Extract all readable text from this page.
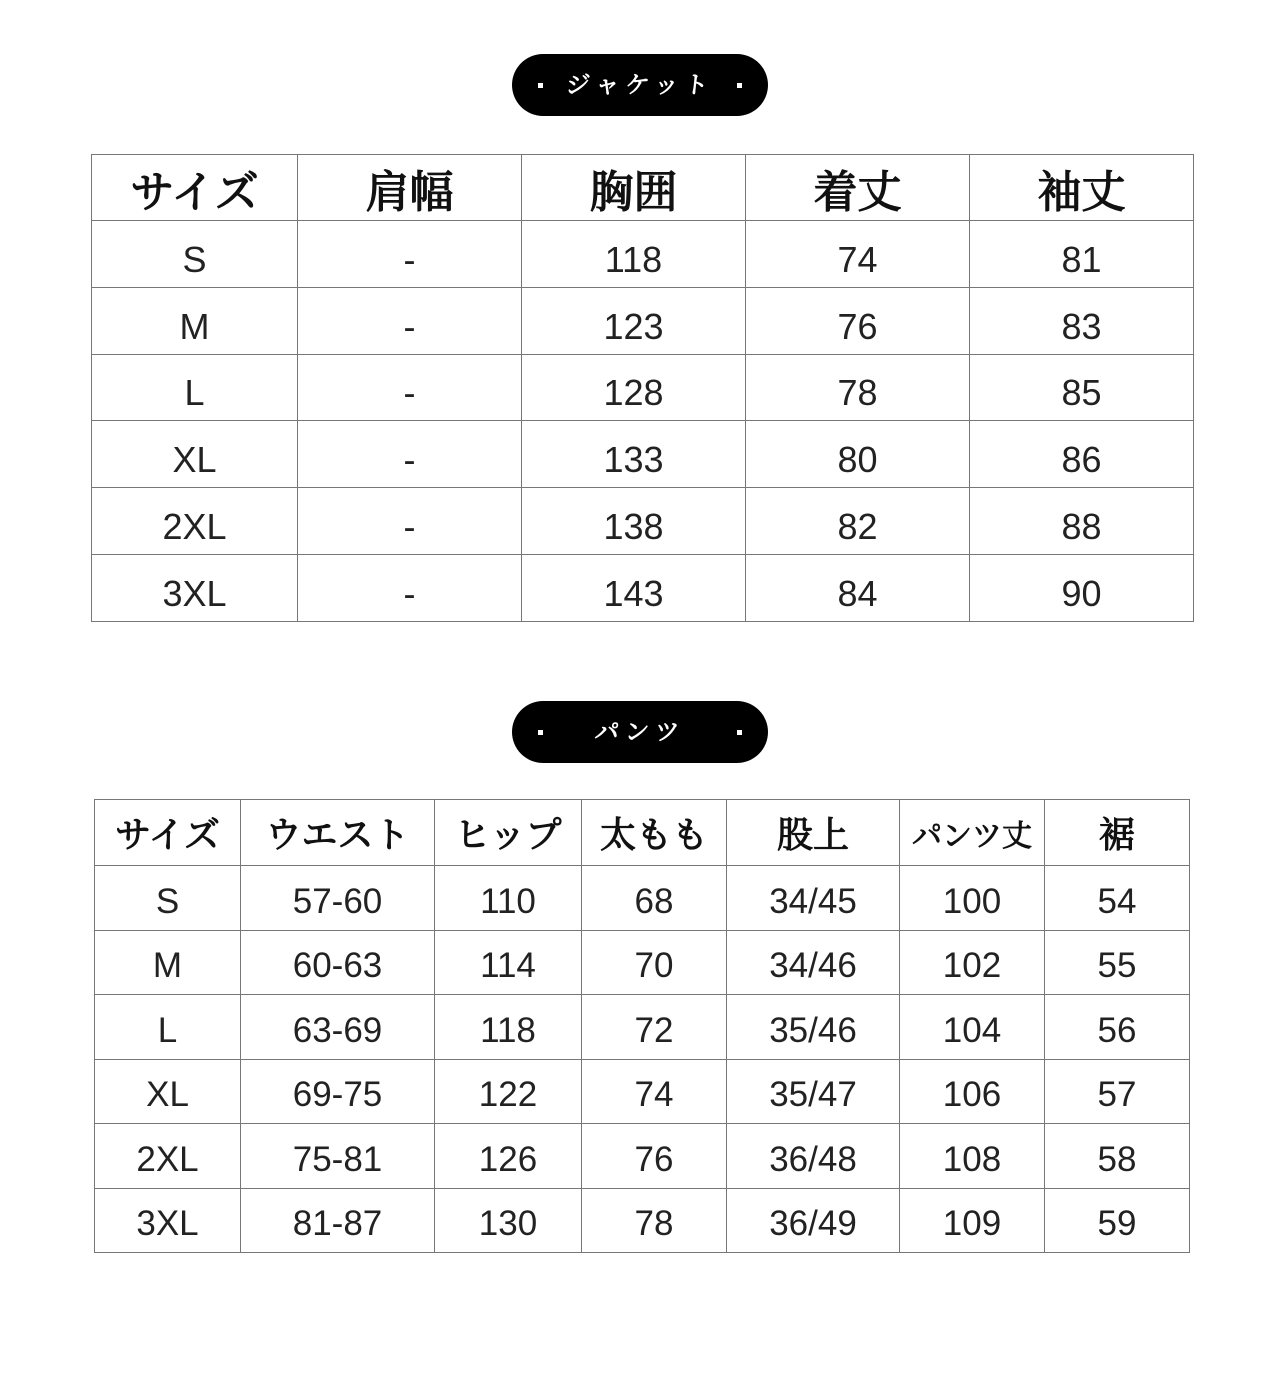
ジャケット
サイズ	肩幅	胸囲	着丈	袖丈
S	-	118	74	81
M	-	123	76	83
L	-	128	78	85
XL	-	133	80	86
2XL	-	138	82	88
3XL	-	143	84	90
パンツ
サイズ	ウエスト	ヒップ	太もも	股上	パンツ丈	裾
S	57-60	110	68	34/45	100	54
M	60-63	114	70	34/46	102	55
L	63-69	118	72	35/46	104	56
XL	69-75	122	74	35/47	106	57
2XL	75-81	126	76	36/48	108	58
3XL	81-87	130	78	36/49	109	59
